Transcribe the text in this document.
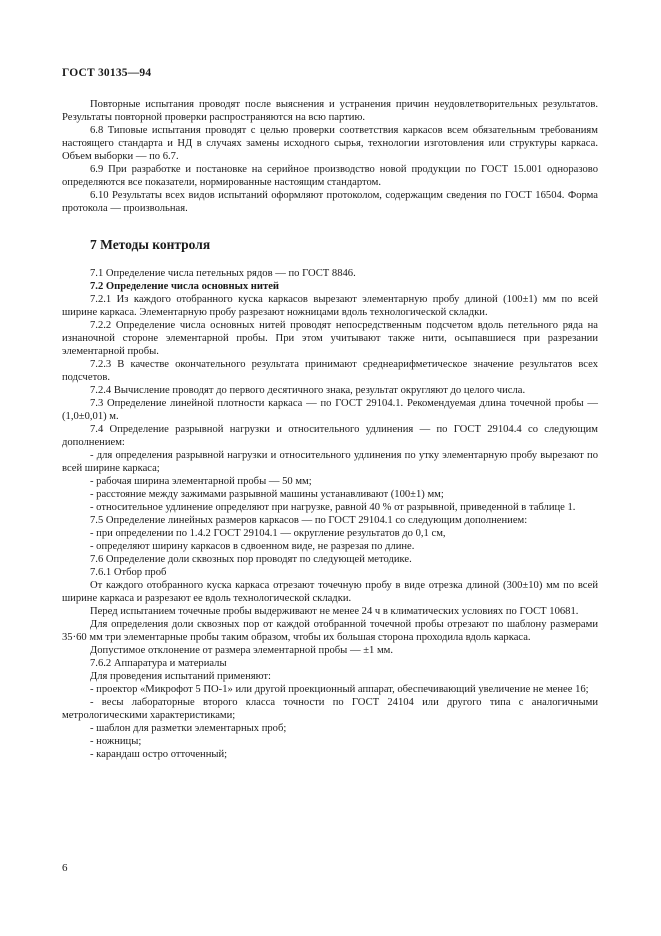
ГОСТ 30135—94

Повторные испытания проводят после выяснения и устранения причин неудовлетворительных результатов. Результаты повторной проверки распространяются на всю партию.

6.8 Типовые испытания проводят с целью проверки соответствия каркасов всем обязательным требованиям настоящего стандарта и НД в случаях замены исходного сырья, технологии изготовления или структуры каркаса. Объем выборки — по 6.7.

6.9 При разработке и постановке на серийное производство новой продукции по ГОСТ 15.001 одноразово определяются все показатели, нормированные настоящим стандартом.

6.10 Результаты всех видов испытаний оформляют протоколом, содержащим сведения по ГОСТ 16504. Форма протокола — произвольная.

7 Методы контроля

7.1 Определение числа петельных рядов — по ГОСТ 8846.

7.2 Определение числа основных нитей

7.2.1 Из каждого отобранного куска каркасов вырезают элементарную пробу длиной (100±1) мм по всей ширине каркаса. Элементарную пробу разрезают ножницами вдоль технологической складки.

7.2.2 Определение числа основных нитей проводят непосредственным подсчетом вдоль петельного ряда на изнаночной стороне элементарной пробы. При этом учитывают также нити, осыпавшиеся при разрезании элементарной пробы.

7.2.3 В качестве окончательного результата принимают среднеарифметическое значение результатов всех подсчетов.

7.2.4 Вычисление проводят до первого десятичного знака, результат округляют до целого числа.

7.3 Определение линейной плотности каркаса — по ГОСТ 29104.1. Рекомендуемая длина точечной пробы — (1,0±0,01) м.

7.4 Определение разрывной нагрузки и относительного удлинения — по ГОСТ 29104.4 со следующим дополнением:

- для определения разрывной нагрузки и относительного удлинения по утку элементарную пробу вырезают по всей ширине каркаса;

- рабочая ширина элементарной пробы — 50 мм;

- расстояние между зажимами разрывной машины устанавливают (100±1) мм;

- относительное удлинение определяют при нагрузке, равной 40 % от разрывной, приведенной в таблице 1.

7.5 Определение линейных размеров каркасов — по ГОСТ 29104.1 со следующим дополнением:

- при определении по 1.4.2 ГОСТ 29104.1 — округление результатов до 0,1 см,

- определяют ширину каркасов в сдвоенном виде, не разрезая по длине.

7.6 Определение доли сквозных пор проводят по следующей методике.

7.6.1 Отбор проб

От каждого отобранного куска каркаса отрезают точечную пробу в виде отрезка длиной (300±10) мм по всей ширине каркаса и разрезают ее вдоль технологической складки.

Перед испытанием точечные пробы выдерживают не менее 24 ч в климатических условиях по ГОСТ 10681.

Для определения доли сквозных пор от каждой отобранной точечной пробы отрезают по шаблону размерами 35·60 мм три элементарные пробы таким образом, чтобы их большая сторона проходила вдоль каркаса.

Допустимое отклонение от размера элементарной пробы — ±1 мм.

7.6.2 Аппаратура и материалы

Для проведения испытаний применяют:

- проектор «Микрофот 5 ПО-1» или другой проекционный аппарат, обеспечивающий увеличение не менее 16;

- весы лабораторные второго класса точности по ГОСТ 24104 или другого типа с аналогичными метрологическими характеристиками;

- шаблон для разметки элементарных проб;

- ножницы;

- карандаш остро отточенный;

6
